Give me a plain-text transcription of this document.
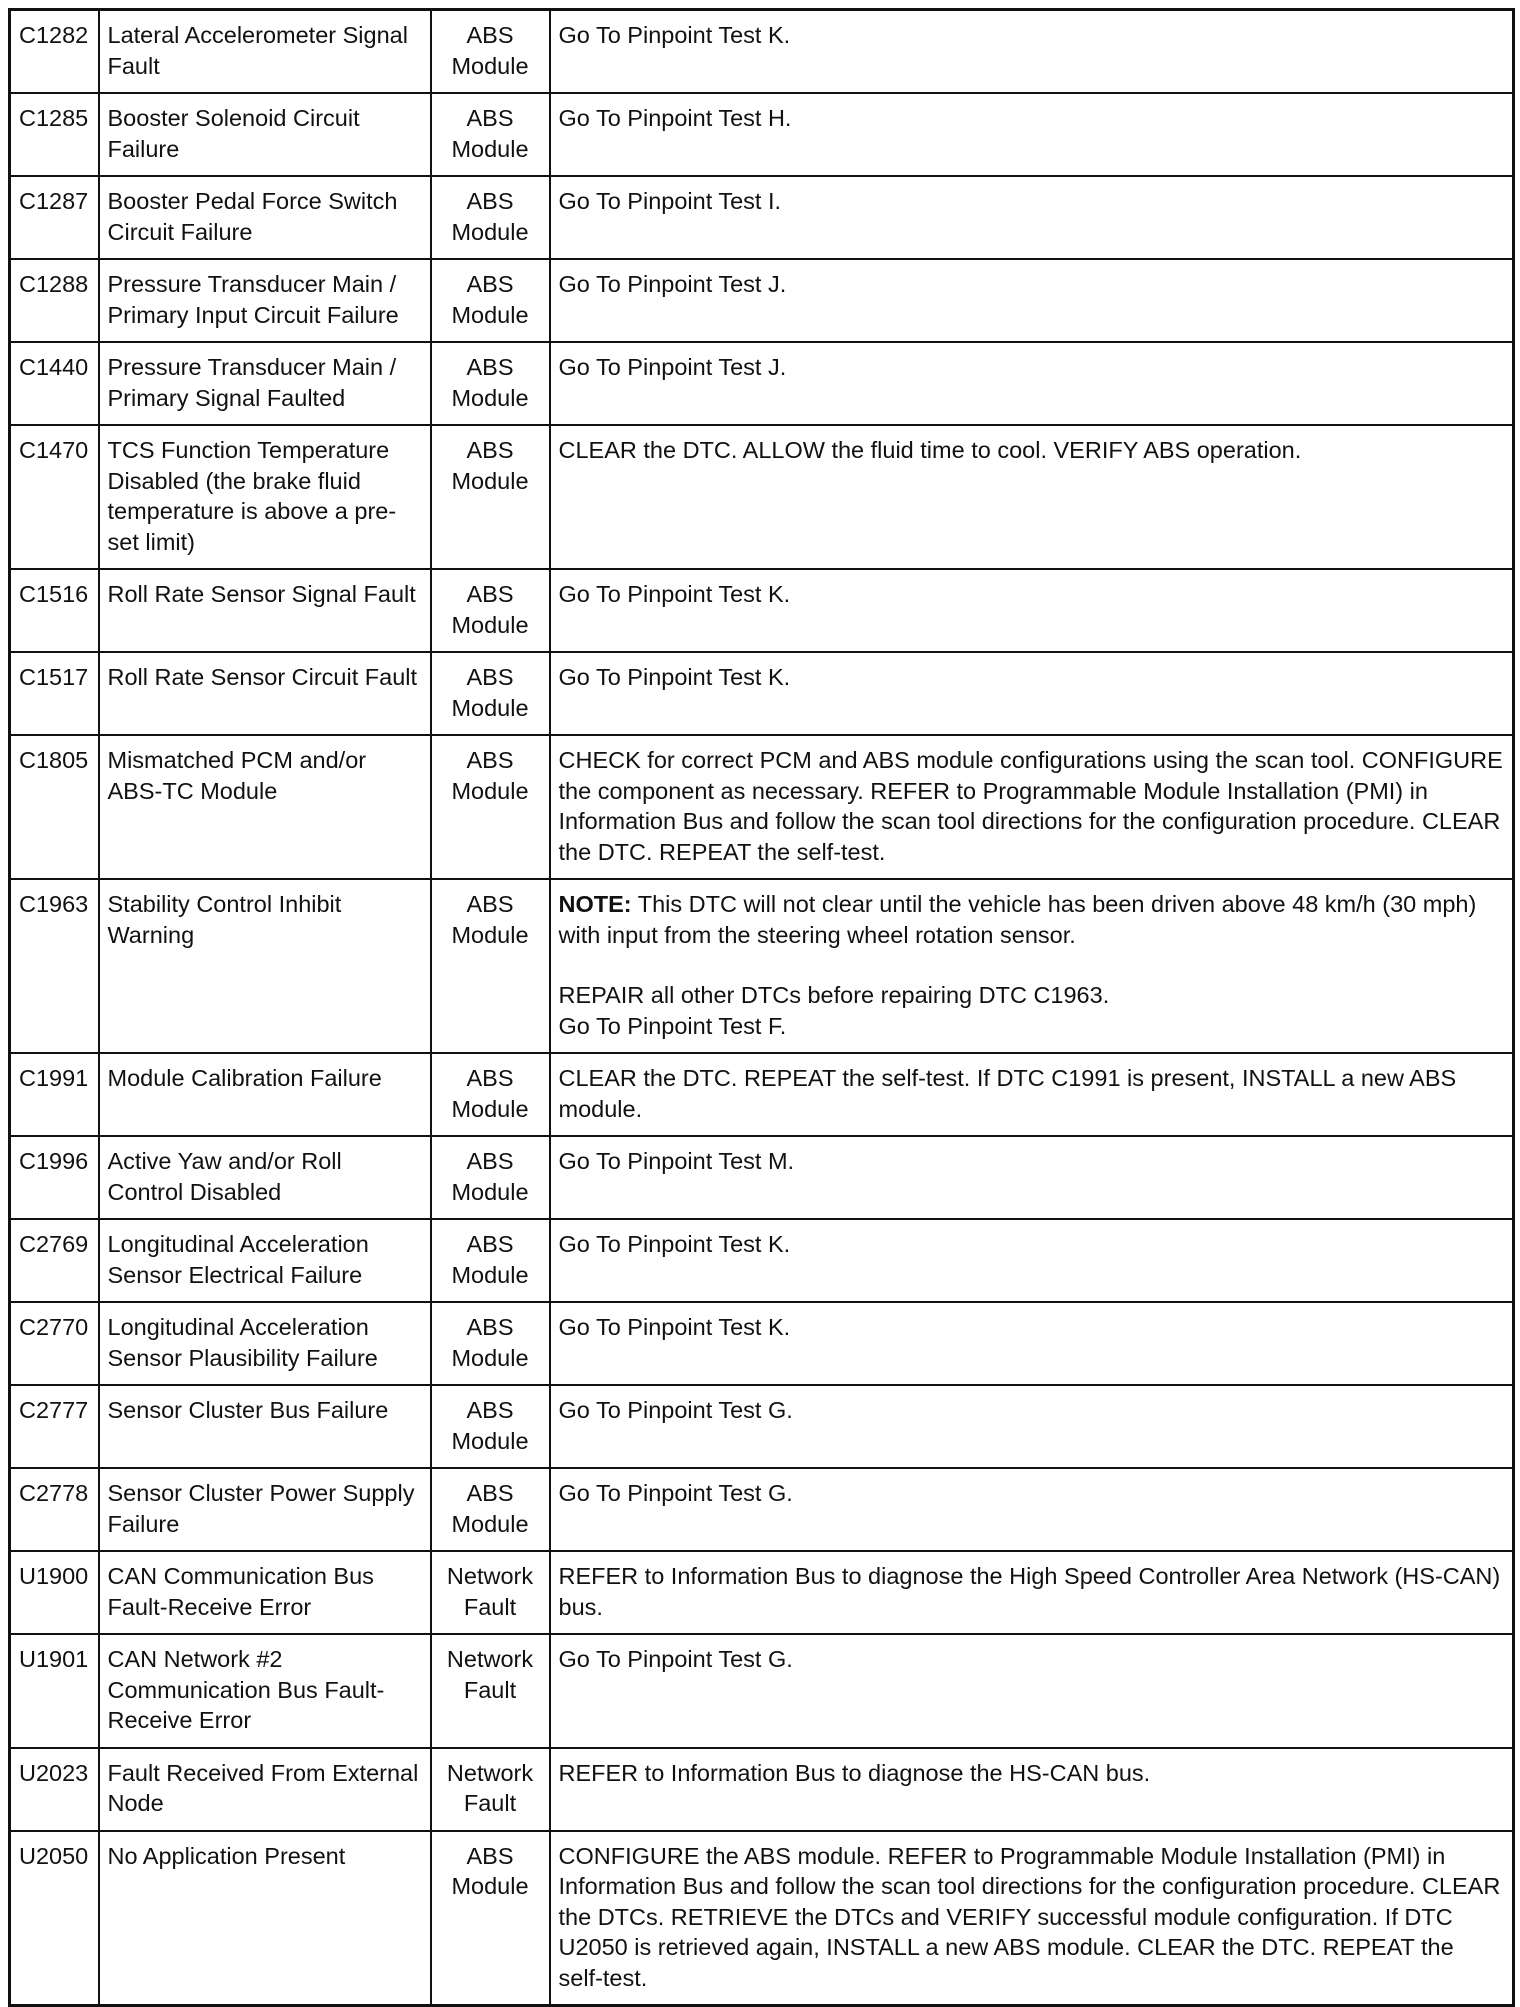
C1282	Lateral Accelerometer Signal Fault	ABS Module	Go To Pinpoint Test K.
C1285	Booster Solenoid Circuit Failure	ABS Module	Go To Pinpoint Test H.
C1287	Booster Pedal Force Switch Circuit Failure	ABS Module	Go To Pinpoint Test I.
C1288	Pressure Transducer Main / Primary Input Circuit Failure	ABS Module	Go To Pinpoint Test J.
C1440	Pressure Transducer Main / Primary Signal Faulted	ABS Module	Go To Pinpoint Test J.
C1470	TCS Function Temperature Disabled (the brake fluid temperature is above a pre-set limit)	ABS Module	CLEAR the DTC. ALLOW the fluid time to cool. VERIFY ABS operation.
C1516	Roll Rate Sensor Signal Fault	ABS Module	Go To Pinpoint Test K.
C1517	Roll Rate Sensor Circuit Fault	ABS Module	Go To Pinpoint Test K.
C1805	Mismatched PCM and/or ABS-TC Module	ABS Module	CHECK for correct PCM and ABS module configurations using the scan tool. CONFIGURE the component as necessary. REFER to Programmable Module Installation (PMI) in Information Bus and follow the scan tool directions for the configuration procedure. CLEAR the DTC. REPEAT the self-test.
C1963	Stability Control Inhibit Warning	ABS Module	NOTE: This DTC will not clear until the vehicle has been driven above 48 km/h (30 mph) with input from the steering wheel rotation sensor.
REPAIR all other DTCs before repairing DTC C1963.
Go To Pinpoint Test F.

C1991	Module Calibration Failure	ABS Module	CLEAR the DTC. REPEAT the self-test. If DTC C1991 is present, INSTALL a new ABS module.
C1996	Active Yaw and/or Roll Control Disabled	ABS Module	Go To Pinpoint Test M.
C2769	Longitudinal Acceleration Sensor Electrical Failure	ABS Module	Go To Pinpoint Test K.
C2770	Longitudinal Acceleration Sensor Plausibility Failure	ABS Module	Go To Pinpoint Test K.
C2777	Sensor Cluster Bus Failure	ABS Module	Go To Pinpoint Test G.
C2778	Sensor Cluster Power Supply Failure	ABS Module	Go To Pinpoint Test G.
U1900	CAN Communication Bus Fault-Receive Error	Network Fault	REFER to Information Bus to diagnose the High Speed Controller Area Network (HS-CAN) bus.
U1901	CAN Network #2 Communication Bus Fault-Receive Error	Network Fault	Go To Pinpoint Test G.
U2023	Fault Received From External Node	Network Fault	REFER to Information Bus to diagnose the HS-CAN bus.
U2050	No Application Present	ABS Module	CONFIGURE the ABS module. REFER to Programmable Module Installation (PMI) in Information Bus and follow the scan tool directions for the configuration procedure. CLEAR the DTCs. RETRIEVE the DTCs and VERIFY successful module configuration. If DTC U2050 is retrieved again, INSTALL a new ABS module. CLEAR the DTC. REPEAT the self-test.
